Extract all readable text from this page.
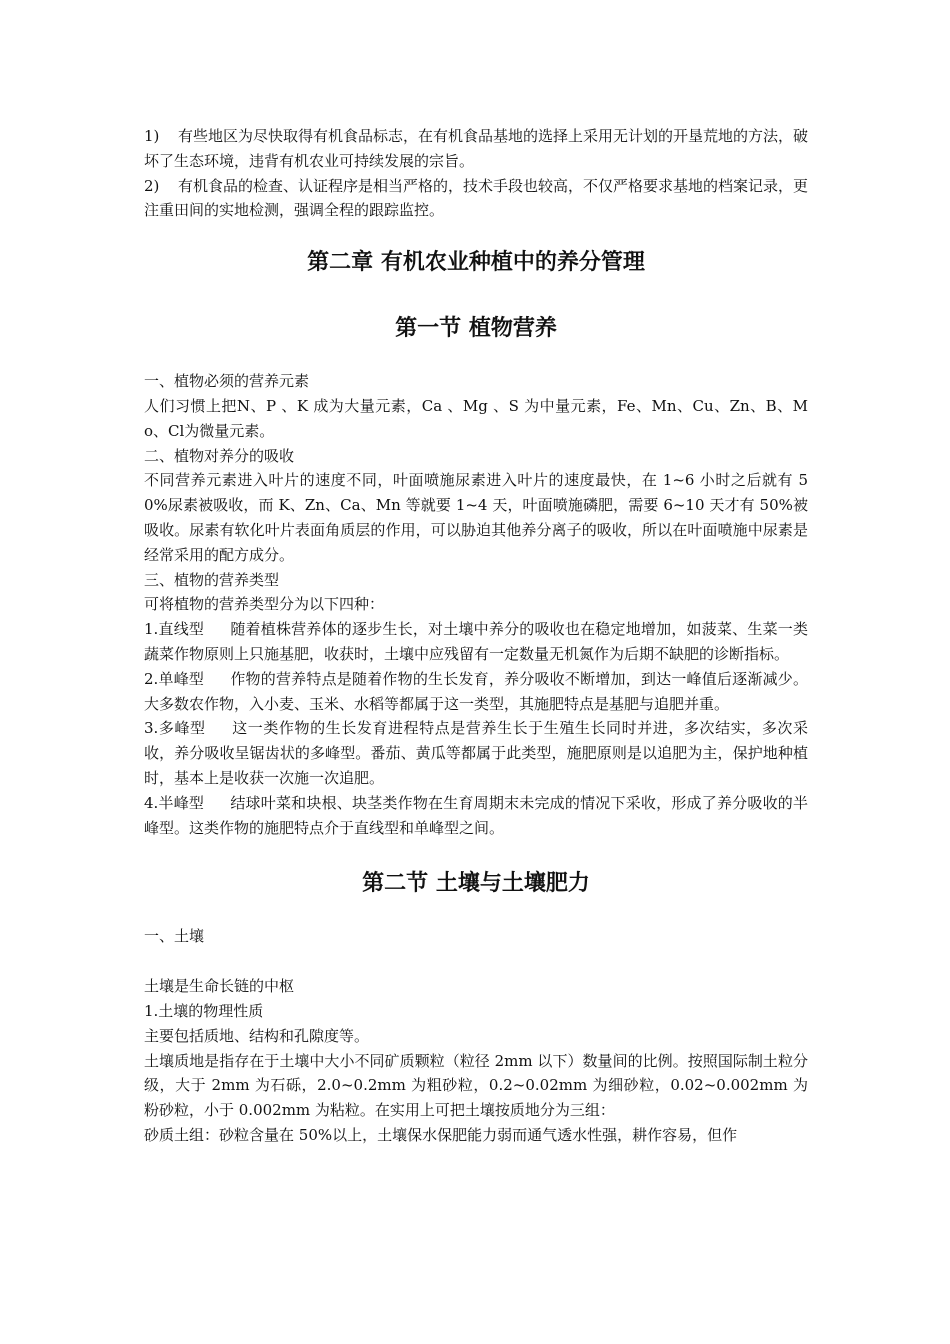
1) 有些地区为尽快取得有机食品标志，在有机食品基地的选择上采用无计划的开垦荒地的方法，破坏了生态环境，违背有机农业可持续发展的宗旨。

2) 有机食品的检查、认证程序是相当严格的，技术手段也较高，不仅严格要求基地的档案记录，更注重田间的实地检测，强调全程的跟踪监控。

第二章 有机农业种植中的养分管理
第一节 植物营养

一、植物必须的营养元素

人们习惯上把N、P 、K 成为大量元素，Ca 、Mg 、S 为中量元素，Fe、Mn、Cu、Zn、B、Mo、Cl为微量元素。

二、植物对养分的吸收

不同营养元素进入叶片的速度不同，叶面喷施尿素进入叶片的速度最快，在 1~6 小时之后就有 50%尿素被吸收，而 K、Zn、Ca、Mn 等就要 1~4 天，叶面喷施磷肥，需要 6~10 天才有 50%被吸收。尿素有软化叶片表面角质层的作用，可以胁迫其他养分离子的吸收，所以在叶面喷施中尿素是经常采用的配方成分。

三、植物的营养类型

可将植物的营养类型分为以下四种：

1.直线型 随着植株营养体的逐步生长，对土壤中养分的吸收也在稳定地增加，如菠菜、生菜一类蔬菜作物原则上只施基肥，收获时，土壤中应残留有一定数量无机氮作为后期不缺肥的诊断指标。

2.单峰型 作物的营养特点是随着作物的生长发育，养分吸收不断增加，到达一峰值后逐渐减少。大多数农作物，入小麦、玉米、水稻等都属于这一类型，其施肥特点是基肥与追肥并重。

3.多峰型 这一类作物的生长发育进程特点是营养生长于生殖生长同时并进，多次结实，多次采收，养分吸收呈锯齿状的多峰型。番茄、黄瓜等都属于此类型，施肥原则是以追肥为主，保护地种植时，基本上是收获一次施一次追肥。

4.半峰型 结球叶菜和块根、块茎类作物在生育周期末未完成的情况下采收，形成了养分吸收的半峰型。这类作物的施肥特点介于直线型和单峰型之间。

第二节 土壤与土壤肥力

一、土壤

土壤是生命长链的中枢

1.土壤的物理性质

主要包括质地、结构和孔隙度等。

土壤质地是指存在于土壤中大小不同矿质颗粒（粒径 2mm 以下）数量间的比例。按照国际制土粒分级，大于 2mm 为石砾，2.0~0.2mm 为粗砂粒，0.2~0.02mm 为细砂粒，0.02~0.002mm 为粉砂粒，小于 0.002mm 为粘粒。在实用上可把土壤按质地分为三组：

砂质土组：砂粒含量在 50%以上，土壤保水保肥能力弱而通气透水性强，耕作容易，但作
